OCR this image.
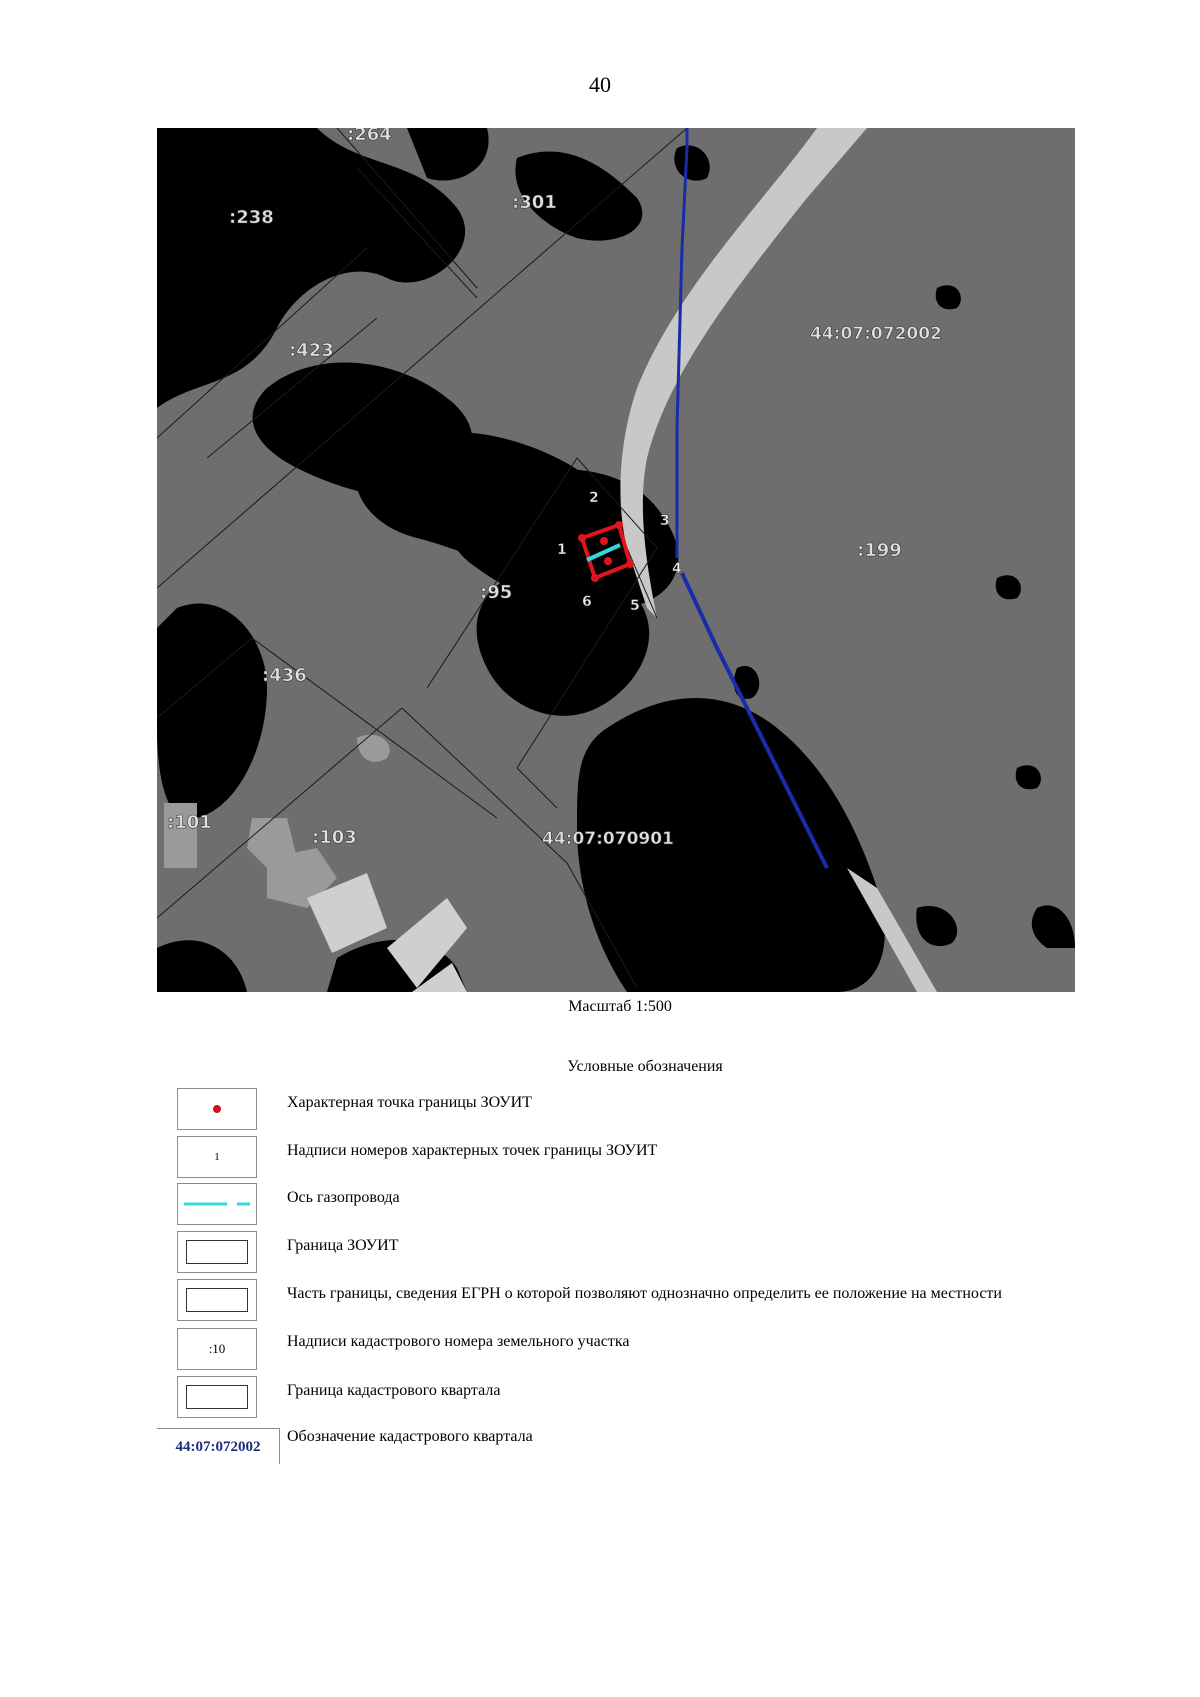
40
1
2
3
4
5
6
:264
:238
:301
:423
:95
:436
:101
:103
:199
44:07:072002
44:07:070901
Масштаб 1:500
Условные обозначения
Характерная точка границы ЗОУИТ
1	Надписи номеров характерных точек границы ЗОУИТ
Ось газопровода
Граница ЗОУИТ
Часть границы, сведения ЕГРН о которой позволяют однозначно определить ее положение на местности
:10	Надписи кадастрового номера земельного участка
Граница кадастрового квартала
44:07:072002
Обозначение кадастрового квартала
